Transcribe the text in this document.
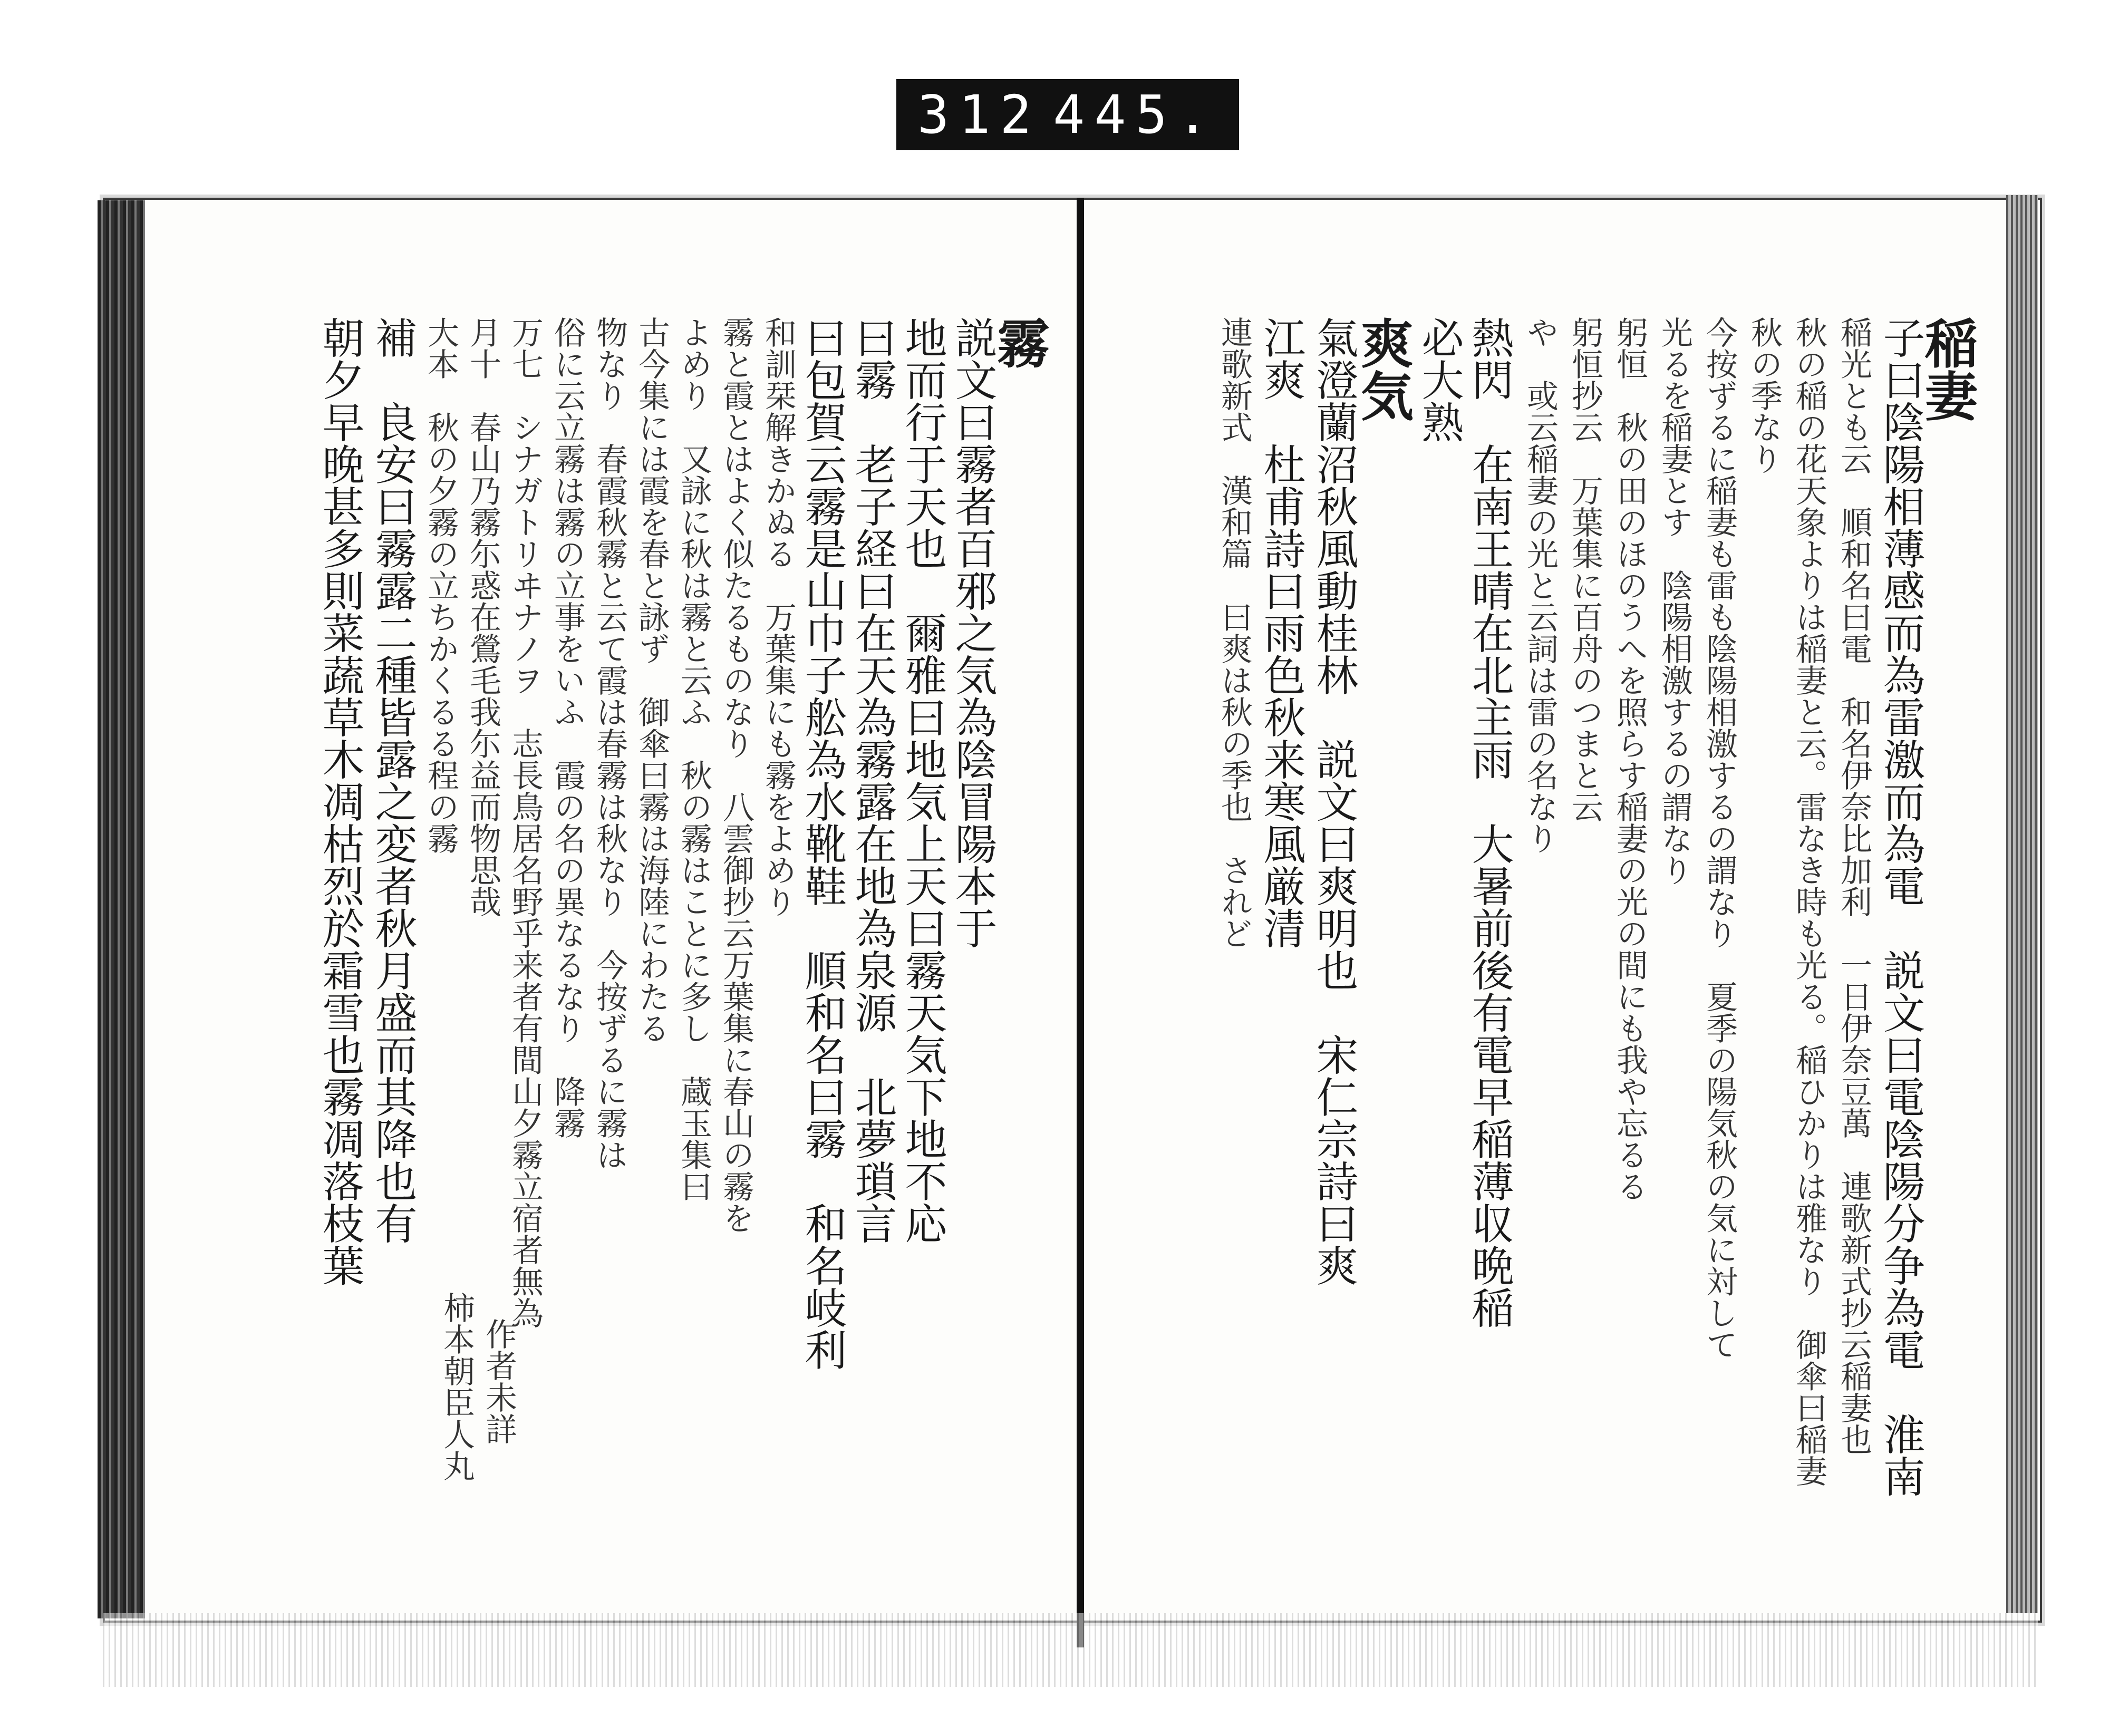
312 445.
稲妻
子曰陰陽相薄感而為雷激而為電　説文曰電陰陽分争為電　淮南
稲光とも云　順和名曰電　和名伊奈比加利　一日伊奈豆萬　連歌新式抄云稲妻也
秋の稲の花天象よりは稲妻と云。雷なき時も光る。稲ひかりは雅なり　御傘曰稲妻
秋の季なり
今按ずるに稲妻も雷も陰陽相激するの謂なり　夏季の陽気秋の気に対して
光るを稲妻とす　陰陽相激するの謂なり
躬恒　秋の田のほのうへを照らす稲妻の光の間にも我や忘るる
躬恒抄云　万葉集に百舟のつまと云
や　或云稲妻の光と云詞は雷の名なり
熱閃　在南王晴在北主雨　大暑前後有電早稲薄収晩稲
必大熟
爽気
氣澄蘭沼秋風動桂林　説文曰爽明也　宋仁宗詩曰爽
江爽　杜甫詩曰雨色秋来寒風厳清
連歌新式　漢和篇　曰爽は秋の季也　されど
霧
説文曰霧者百邪之気為陰冒陽本于
地而行于天也　爾雅曰地気上天曰霧天気下地不応
曰霧　老子経曰在天為霧露在地為泉源　北夢瑣言
曰包賀云霧是山巾子舩為水靴鞋　順和名曰霧　和名岐利
和訓栞解きかぬる　万葉集にも霧をよめり
霧と霞とはよく似たるものなり　八雲御抄云万葉集に春山の霧を
よめり　又詠に秋は霧と云ふ　秋の霧はことに多し　蔵玉集曰
古今集には霞を春と詠ず　御傘曰霧は海陸にわたる
物なり　春霞秋霧と云て霞は春霧は秋なり　今按ずるに霧は
俗に云立霧は霧の立事をいふ　霞の名の異なるなり　降霧
万七　シナガトリヰナノヲ　志長鳥居名野乎来者有間山夕霧立宿者無為
月十　春山乃霧尓惑在鶯毛我尓益而物思哉
大本　秋の夕霧の立ちかくるる程の霧
補　良安曰霧露二種皆露之変者秋月盛而其降也有
朝夕早晚甚多則菜蔬草木凋枯烈於霜雪也霧凋落枝葉
作者未詳
柿本朝臣人丸
